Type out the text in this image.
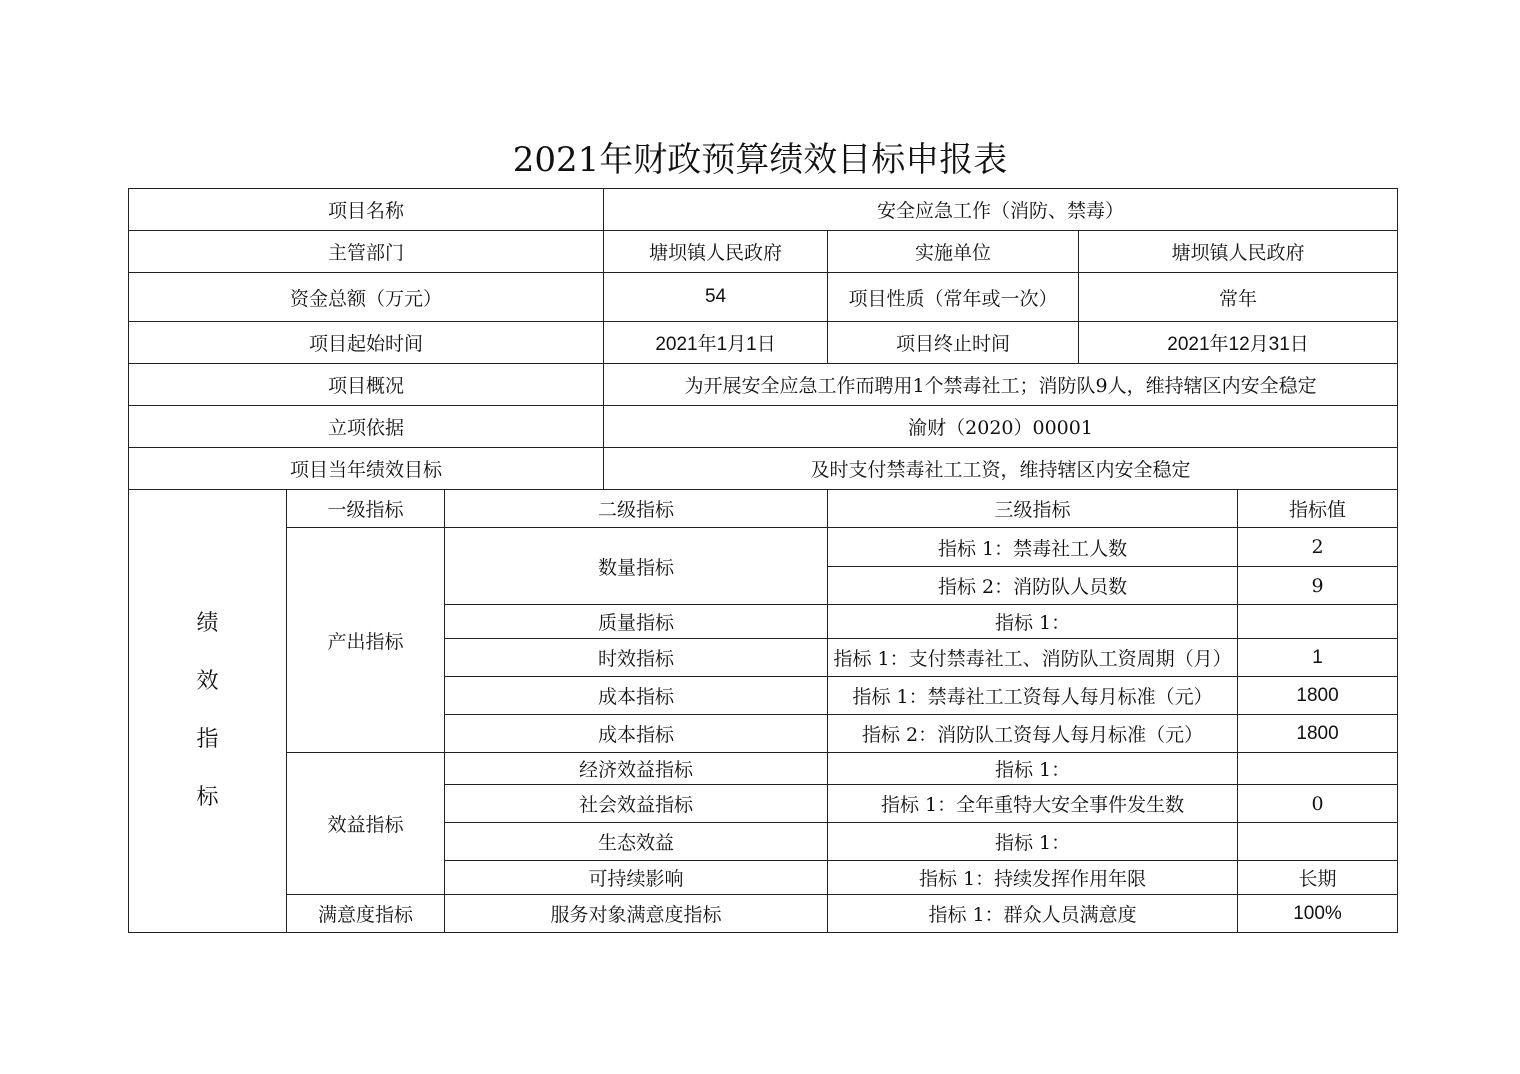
2021年财政预算绩效目标申报表
项目名称			安全应急工作（消防、禁毒）			
主管部门			塘坝镇人民政府	实施单位	塘坝镇人民政府	
资金总额（万元）			54	项目性质（常年或一次）	常年	
项目起始时间			2021年1月1日	项目终止时间	2021年12月31日	
项目概况			为开展安全应急工作而聘用1个禁毒社工；消防队9人，维持辖区内安全稳定			
立项依据			渝财（2020）00001			
项目当年绩效目标			及时支付禁毒社工工资，维持辖区内安全稳定			

绩
效
指
标	一级指标	二级指标		三级指标		指标值
	产出指标	数量指标		指标 1：禁毒社工人数		2
				指标 2：消防队人员数		9
		质量指标		指标 1：		
		时效指标		指标 1：支付禁毒社工、消防队工资周期（月）		1
		成本指标		指标 1：禁毒社工工资每人每月标准（元）		1800
		成本指标		指标 2：消防队工资每人每月标准（元）		1800
	效益指标	经济效益指标		指标 1：		
		社会效益指标		指标 1：全年重特大安全事件发生数		0
		生态效益		指标 1：		
		可持续影响		指标 1：持续发挥作用年限		长期
	满意度指标	服务对象满意度指标		指标 1：群众人员满意度		100%
